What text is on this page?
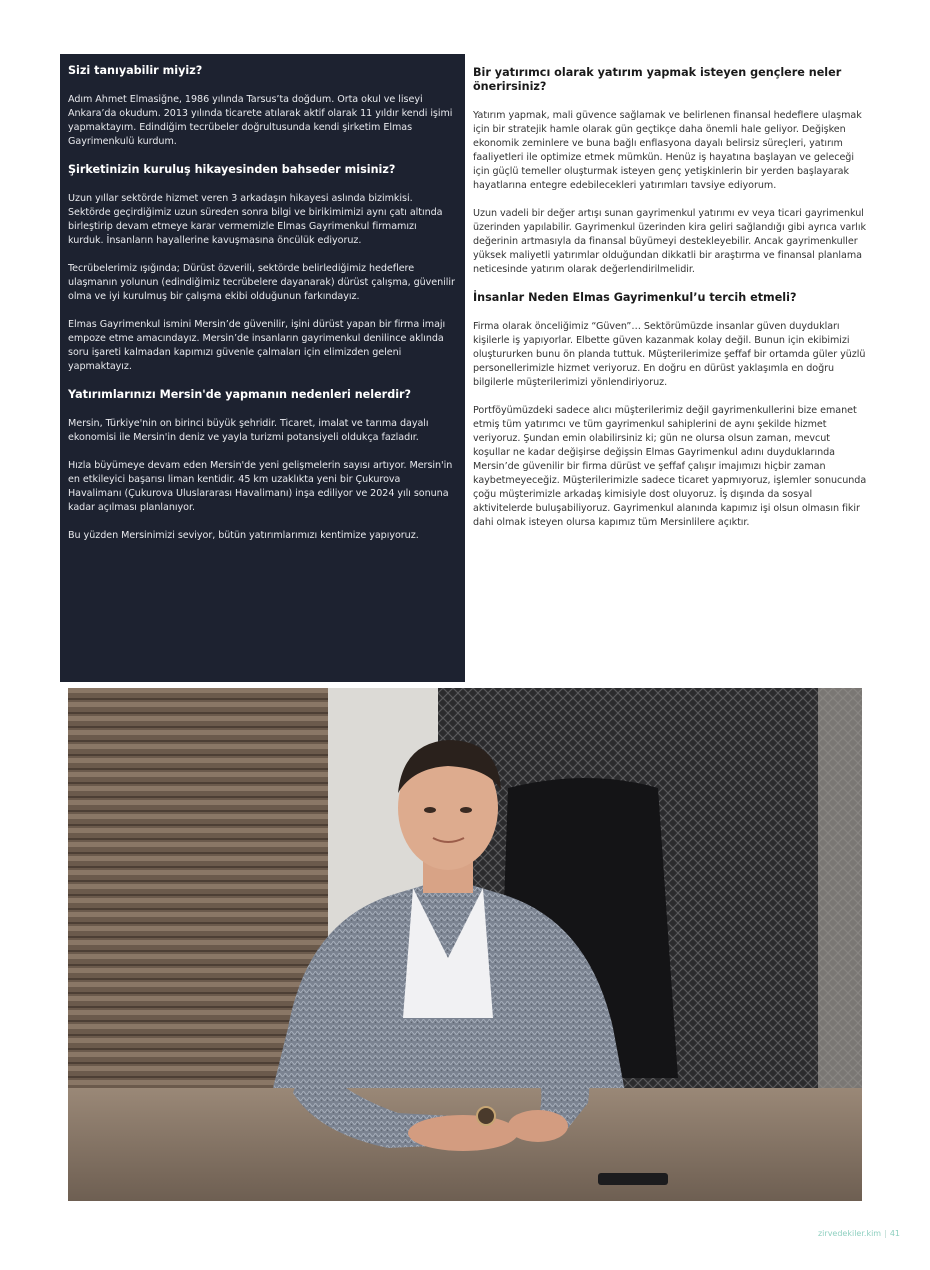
Sizi tanıyabilir miyiz?
Adım Ahmet Elmasiğne, 1986 yılında Tarsus’ta doğdum. Orta okul ve liseyi Ankara’da okudum. 2013 yılında ticarete atılarak aktif olarak 11 yıldır kendi işimi yapmaktayım. Edindiğim tecrübeler doğrultusunda kendi şirketim Elmas Gayrimenkulü kurdum.
Şirketinizin kuruluş hikayesinden bahseder misiniz?
Uzun yıllar sektörde hizmet veren 3 arkadaşın hikayesi aslında bizimkisi. Sektörde geçirdiğimiz uzun süreden sonra bilgi ve birikimimizi aynı çatı altında birleştirip devam etmeye karar vermemizle Elmas Gayrimenkul firmamızı kurduk. İnsanların hayallerine kavuşmasına öncülük ediyoruz.
Tecrübelerimiz ışığında; Dürüst özverili, sektörde belirlediğimiz hedeflere ulaşmanın yolunun (edindiğimiz tecrübelere dayanarak) dürüst çalışma, güvenilir olma ve iyi kurulmuş bir çalışma ekibi olduğunun farkındayız.
Elmas Gayrimenkul ismini Mersin’de güvenilir, işini dürüst yapan bir firma imajı empoze etme amacındayız. Mersin’de insanların gayrimenkul denilince aklında soru işareti kalmadan kapımızı güvenle çalmaları için elimizden geleni yapmaktayız.
Yatırımlarınızı Mersin'de yapmanın nedenleri nelerdir?
Mersin, Türkiye'nin on birinci büyük şehridir. Ticaret, imalat ve tarıma dayalı ekonomisi ile Mersin'in deniz ve yayla turizmi potansiyeli oldukça fazladır.
Hızla büyümeye devam eden Mersin'de yeni gelişmelerin sayısı artıyor. Mersin'in en etkileyici başarısı liman kentidir. 45 km uzaklıkta yeni bir Çukurova Havalimanı (Çukurova Uluslararası Havalimanı) inşa ediliyor ve 2024 yılı sonuna kadar açılması planlanıyor.
Bu yüzden Mersinimizi seviyor, bütün yatırımlarımızı kentimize yapıyoruz.
Bir yatırımcı olarak yatırım yapmak isteyen gençlere neler önerirsiniz?
Yatırım yapmak, mali güvence sağlamak ve belirlenen finansal hedeflere ulaşmak için bir stratejik hamle olarak gün geçtikçe daha önemli hale geliyor. Değişken ekonomik zeminlere ve buna bağlı enflasyona dayalı belirsiz süreçleri, yatırım faaliyetleri ile optimize etmek mümkün. Henüz iş hayatına başlayan ve geleceği için güçlü temeller oluşturmak isteyen genç yetişkinlerin bir yerden başlayarak hayatlarına entegre edebilecekleri yatırımları tavsiye ediyorum.
Uzun vadeli bir değer artışı sunan gayrimenkul yatırımı ev veya ticari gayrimenkul üzerinden yapılabilir. Gayrimenkul üzerinden kira geliri sağlandığı gibi ayrıca varlık değerinin artmasıyla da finansal büyümeyi destekleyebilir. Ancak gayrimenkuller yüksek maliyetli yatırımlar olduğundan dikkatli bir araştırma ve finansal planlama neticesinde yatırım olarak değerlendirilmelidir.
İnsanlar Neden Elmas Gayrimenkul’u tercih etmeli?
Firma olarak önceliğimiz “Güven”… Sektörümüzde insanlar güven duydukları kişilerle iş yapıyorlar. Elbette güven kazanmak kolay değil. Bunun için ekibimizi oluştururken bunu ön planda tuttuk. Müşterilerimize şeffaf bir ortamda güler yüzlü personellerimizle hizmet veriyoruz. En doğru en dürüst yaklaşımla en doğru bilgilerle müşterilerimizi yönlendiriyoruz.
Portföyümüzdeki sadece alıcı müşterilerimiz değil gayrimenkullerini bize emanet etmiş tüm yatırımcı ve tüm gayrimenkul sahiplerini de aynı şekilde hizmet veriyoruz. Şundan emin olabilirsiniz ki; gün ne olursa olsun zaman, mevcut koşullar ne kadar değişirse değişsin Elmas Gayrimenkul adını duyduklarında Mersin’de güvenilir bir firma dürüst ve şeffaf çalışır imajımızı hiçbir zaman kaybetmeyeceğiz. Müşterilerimizle sadece ticaret yapmıyoruz, işlemler sonucunda çoğu müşterimizle arkadaş kimisiyle dost oluyoruz. İş dışında da sosyal aktivitelerde buluşabiliyoruz. Gayrimenkul alanında kapımız işi olsun olmasın fikir dahi olmak isteyen olursa kapımız tüm Mersinlilere açıktır.
zirvedekiler.kim | 41
